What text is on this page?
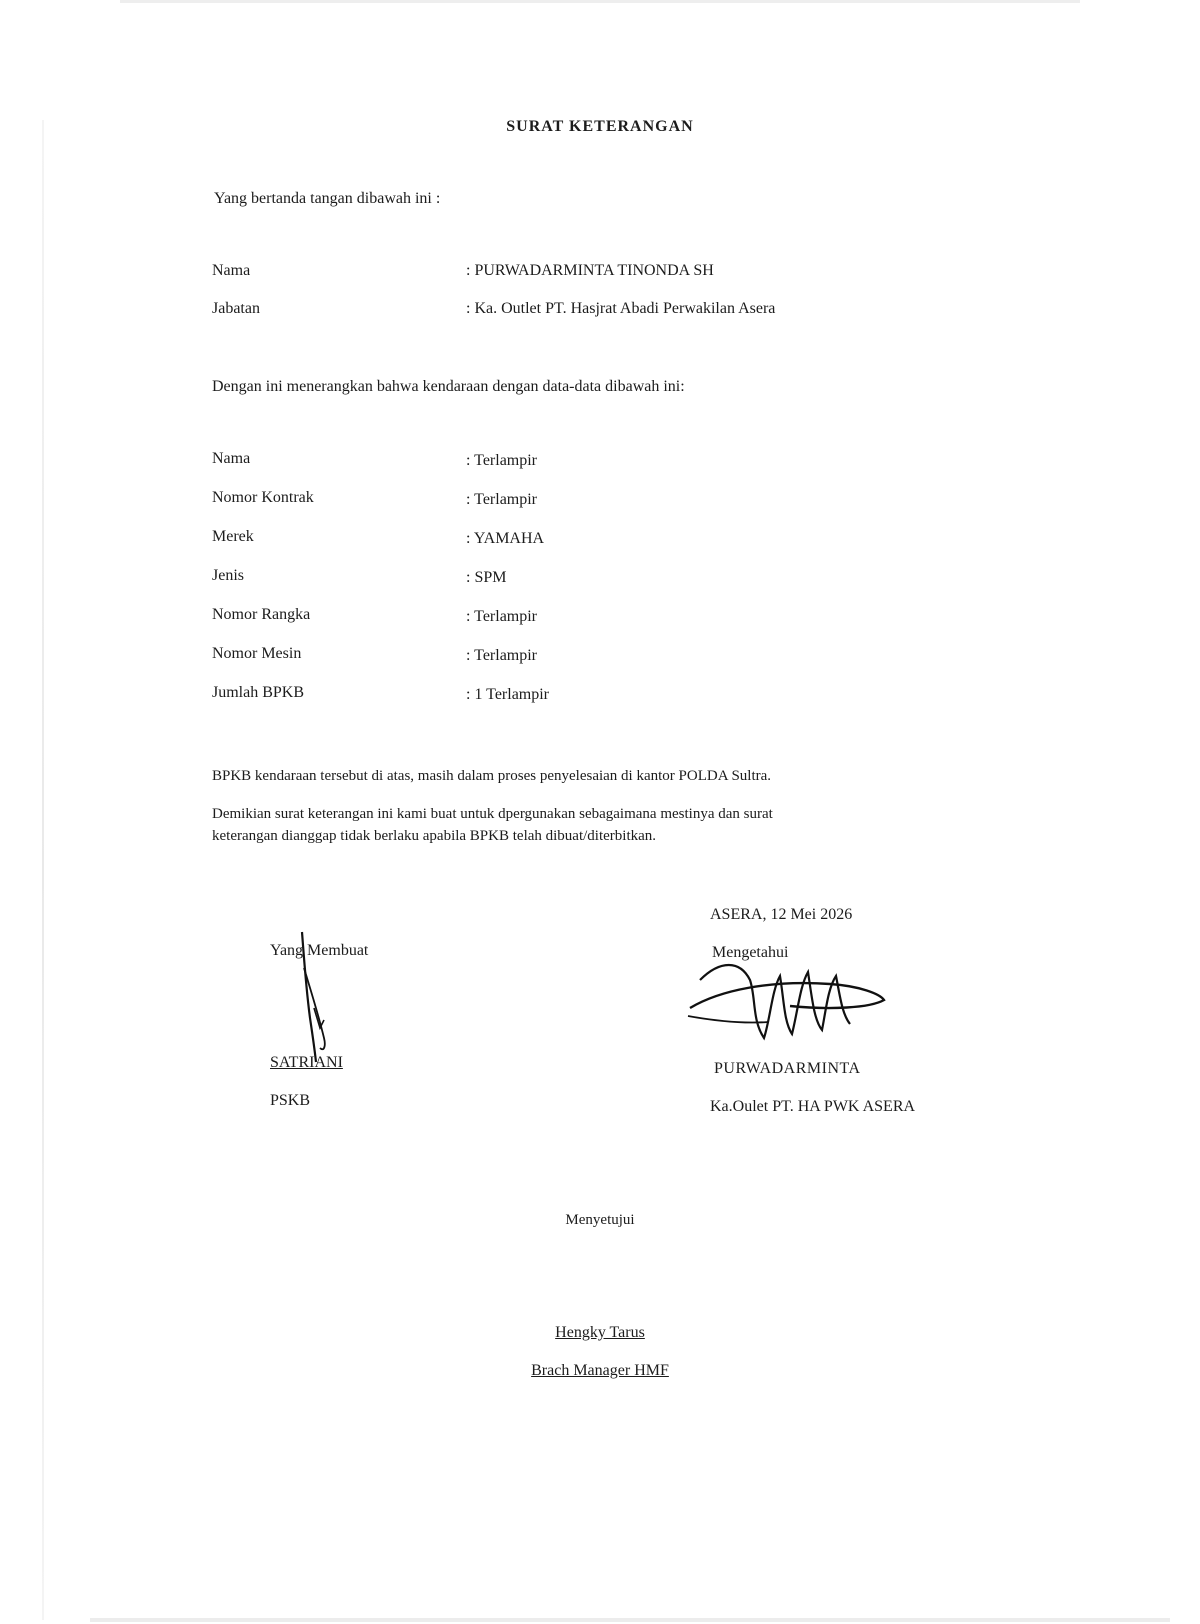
SURAT KETERANGAN
Yang bertanda tangan dibawah ini :
Nama	: PURWADARMINTA TINONDA SH
Jabatan	: Ka. Outlet PT. Hasjrat Abadi Perwakilan Asera
Dengan ini menerangkan bahwa kendaraan dengan data-data dibawah ini:
Nama	: Terlampir
Nomor Kontrak	: Terlampir
Merek	: YAMAHA
Jenis	: SPM
Nomor Rangka	: Terlampir
Nomor Mesin	: Terlampir
Jumlah BPKB	: 1 Terlampir
BPKB kendaraan tersebut di atas, masih dalam proses penyelesaian di kantor POLDA Sultra.
Demikian surat keterangan ini kami buat untuk dpergunakan sebagaimana mestinya dan surat
keterangan dianggap tidak berlaku apabila BPKB telah dibuat/diterbitkan.
ASERA, 12 Mei 2026
Yang Membuat
SATRIANI
PSKB
Mengetahui
PURWADARMINTA
Ka.Oulet PT. HA PWK ASERA
Menyetujui
Hengky Tarus
Brach Manager HMF
